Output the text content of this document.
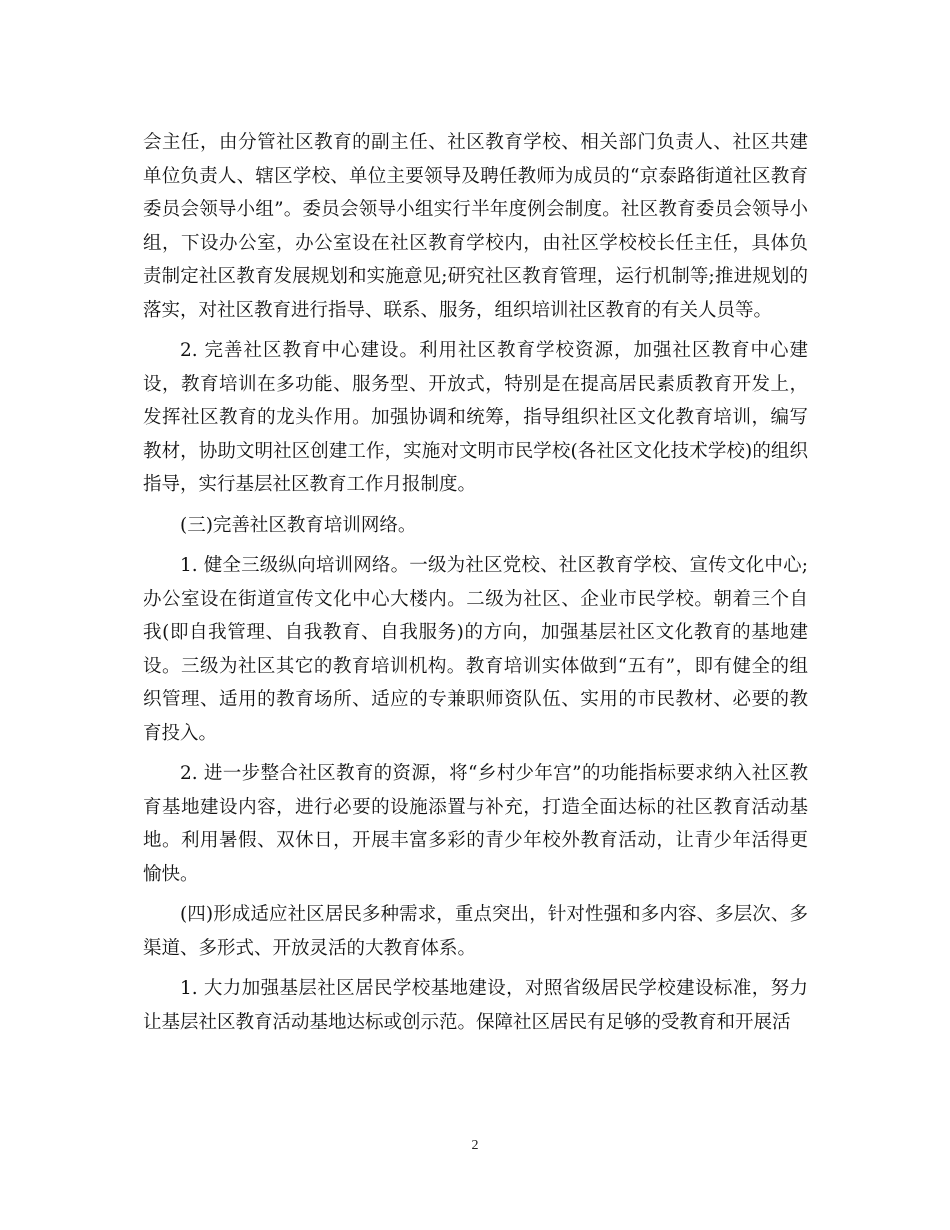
会主任，由分管社区教育的副主任、社区教育学校、相关部门负责人、社区共建单位负责人、辖区学校、单位主要领导及聘任教师为成员的“京泰路街道社区教育委员会领导小组”。委员会领导小组实行半年度例会制度。社区教育委员会领导小组，下设办公室，办公室设在社区教育学校内，由社区学校校长任主任，具体负责制定社区教育发展规划和实施意见;研究社区教育管理，运行机制等;推进规划的落实，对社区教育进行指导、联系、服务，组织培训社区教育的有关人员等。

2. 完善社区教育中心建设。利用社区教育学校资源，加强社区教育中心建设，教育培训在多功能、服务型、开放式，特别是在提高居民素质教育开发上，发挥社区教育的龙头作用。加强协调和统筹，指导组织社区文化教育培训，编写教材，协助文明社区创建工作，实施对文明市民学校(各社区文化技术学校)的组织指导，实行基层社区教育工作月报制度。

(三)完善社区教育培训网络。

1. 健全三级纵向培训网络。一级为社区党校、社区教育学校、宣传文化中心;办公室设在街道宣传文化中心大楼内。二级为社区、企业市民学校。朝着三个自我(即自我管理、自我教育、自我服务)的方向，加强基层社区文化教育的基地建设。三级为社区其它的教育培训机构。教育培训实体做到“五有”，即有健全的组织管理、适用的教育场所、适应的专兼职师资队伍、实用的市民教材、必要的教育投入。

2. 进一步整合社区教育的资源，将“乡村少年宫”的功能指标要求纳入社区教育基地建设内容，进行必要的设施添置与补充，打造全面达标的社区教育活动基地。利用暑假、双休日，开展丰富多彩的青少年校外教育活动，让青少年活得更愉快。

(四)形成适应社区居民多种需求，重点突出，针对性强和多内容、多层次、多渠道、多形式、开放灵活的大教育体系。

1. 大力加强基层社区居民学校基地建设，对照省级居民学校建设标准，努力让基层社区教育活动基地达标或创示范。保障社区居民有足够的受教育和开展活

2
